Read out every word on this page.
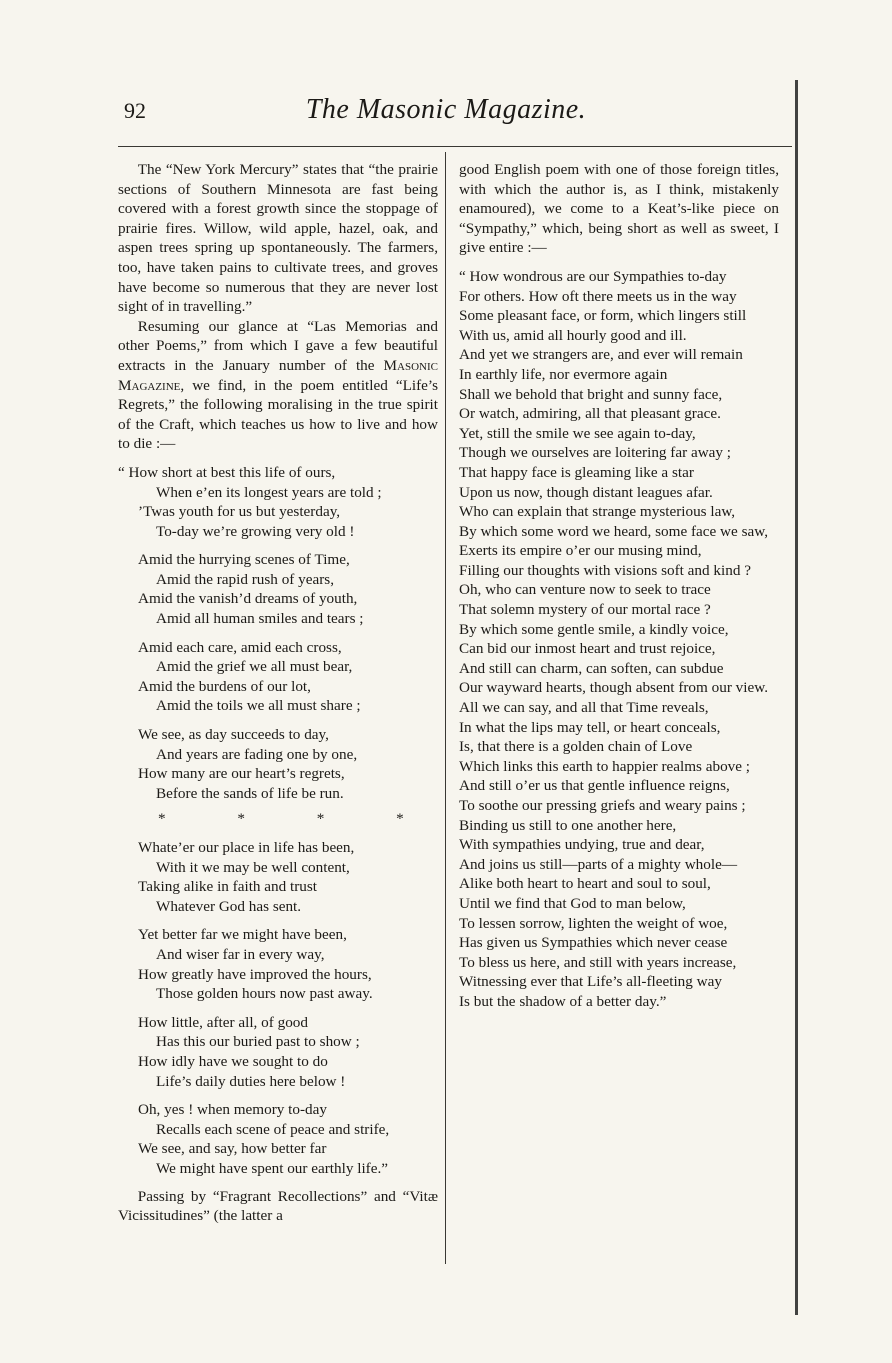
92	The Masonic Magazine.

The “New York Mercury” states that “the prairie sections of Southern Minnesota are fast being covered with a forest growth since the stoppage of prairie fires. Willow, wild apple, hazel, oak, and aspen trees spring up spontaneously. The farmers, too, have taken pains to cultivate trees, and groves have become so numerous that they are never lost sight of in travelling.”

Resuming our glance at “Las Memorias and other Poems,” from which I gave a few beautiful extracts in the January number of the Masonic Magazine, we find, in the poem entitled “Life’s Regrets,” the following moralising in the true spirit of the Craft, which teaches us how to live and how to die :—

“ How short at best this life of ours,
When e’en its longest years are told ;
’Twas youth for us but yesterday,
To-day we’re growing very old !
Amid the hurrying scenes of Time,
Amid the rapid rush of years,
Amid the vanish’d dreams of youth,
Amid all human smiles and tears ;
Amid each care, amid each cross,
Amid the grief we all must bear,
Amid the burdens of our lot,
Amid the toils we all must share ;
We see, as day succeeds to day,
And years are fading one by one,
How many are our heart’s regrets,
Before the sands of life be run.
* * * *
Whate’er our place in life has been,
With it we may be well content,
Taking alike in faith and trust
Whatever God has sent.
Yet better far we might have been,
And wiser far in every way,
How greatly have improved the hours,
Those golden hours now past away.
How little, after all, of good
Has this our buried past to show ;
How idly have we sought to do
Life’s daily duties here below !
Oh, yes ! when memory to-day
Recalls each scene of peace and strife,
We see, and say, how better far
We might have spent our earthly life.”

Passing by “Fragrant Recollections” and “Vitæ Vicissitudines” (the latter a

good English poem with one of those foreign titles, with which the author is, as I think, mistakenly enamoured), we come to a Keat’s-like piece on “Sympathy,” which, being short as well as sweet, I give entire :—

“ How wondrous are our Sympathies to-day
For others. How oft there meets us in the way
Some pleasant face, or form, which lingers still
With us, amid all hourly good and ill.
And yet we strangers are, and ever will remain
In earthly life, nor evermore again
Shall we behold that bright and sunny face,
Or watch, admiring, all that pleasant grace.
Yet, still the smile we see again to-day,
Though we ourselves are loitering far away ;
That happy face is gleaming like a star
Upon us now, though distant leagues afar.
Who can explain that strange mysterious law,
By which some word we heard, some face we saw,
Exerts its empire o’er our musing mind,
Filling our thoughts with visions soft and kind ?
Oh, who can venture now to seek to trace
That solemn mystery of our mortal race ?
By which some gentle smile, a kindly voice,
Can bid our inmost heart and trust rejoice,
And still can charm, can soften, can subdue
Our wayward hearts, though absent from our view.
All we can say, and all that Time reveals,
In what the lips may tell, or heart conceals,
Is, that there is a golden chain of Love
Which links this earth to happier realms above ;
And still o’er us that gentle influence reigns,
To soothe our pressing griefs and weary pains ;
Binding us still to one another here,
With sympathies undying, true and dear,
And joins us still—parts of a mighty whole—
Alike both heart to heart and soul to soul,
Until we find that God to man below,
To lessen sorrow, lighten the weight of woe,
Has given us Sympathies which never cease
To bless us here, and still with years increase,
Witnessing ever that Life’s all-fleeting way
Is but the shadow of a better day.”
